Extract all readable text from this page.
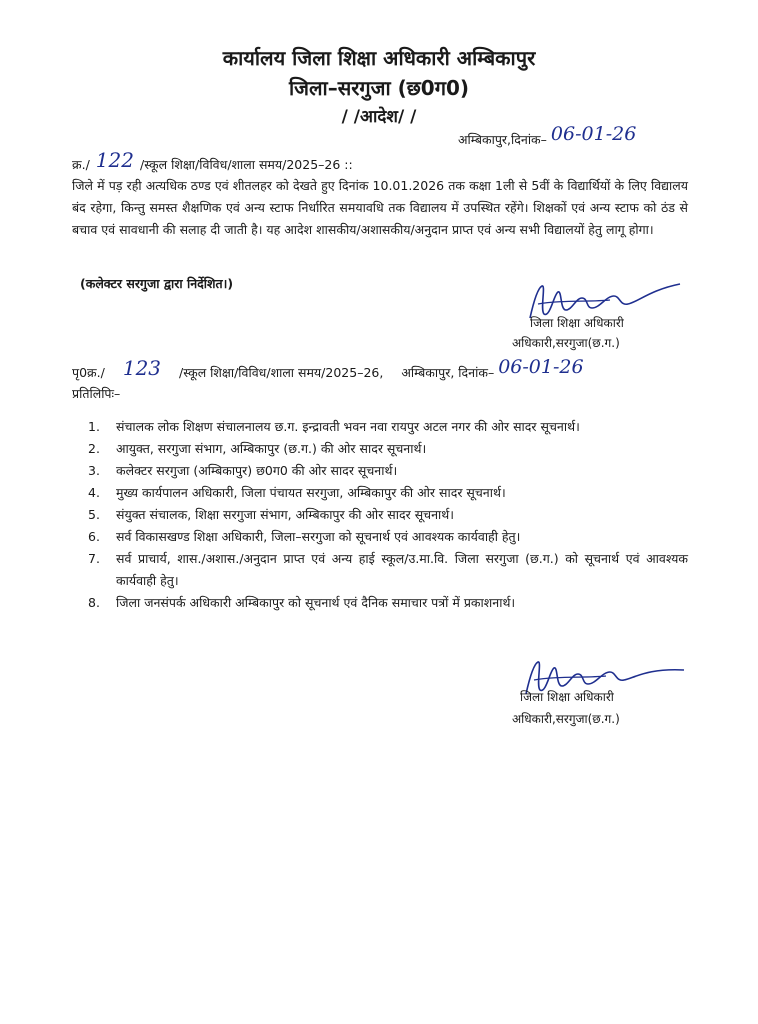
कार्यालय जिला शिक्षा अधिकारी अम्बिकापुर
जिला–सरगुजा (छ0ग0)
/ /आदेश/ /
अम्बिकापुर,दिनांक– 06-01-26
क्र./ 122 /स्कूल शिक्षा/विविध/शाला समय/2025–26 ::
जिले में पड़ रही अत्यधिक ठण्ड एवं शीतलहर को देखते हुए दिनांक 10.01.2026 तक कक्षा 1ली से 5वीं के विद्यार्थियों के लिए विद्यालय बंद रहेगा, किन्तु समस्त शैक्षणिक एवं अन्य स्टाफ निर्धारित समयावधि तक विद्यालय में उपस्थित रहेंगे। शिक्षकों एवं अन्य स्टाफ को ठंड से बचाव एवं सावधानी की सलाह दी जाती है। यह आदेश शासकीय/अशासकीय/अनुदान प्राप्त एवं अन्य सभी विद्यालयों हेतु लागू होगा।
(कलेक्टर सरगुजा द्वारा निर्देशित।)
जिला शिक्षा अधिकारी
अधिकारी,सरगुजा(छ.ग.)
पृ0क्र./ 123 /स्कूल शिक्षा/विविध/शाला समय/2025–26, अम्बिकापुर, दिनांक– 06-01-26
प्रतिलिपिः–
1. संचालक लोक शिक्षण संचालनालय छ.ग. इन्द्रावती भवन नवा रायपुर अटल नगर की ओर सादर सूचनार्थ।
2. आयुक्त, सरगुजा संभाग, अम्बिकापुर (छ.ग.) की ओर सादर सूचनार्थ।
3. कलेक्टर सरगुजा (अम्बिकापुर) छ0ग0 की ओर सादर सूचनार्थ।
4. मुख्य कार्यपालन अधिकारी, जिला पंचायत सरगुजा, अम्बिकापुर की ओर सादर सूचनार्थ।
5. संयुक्त संचालक, शिक्षा सरगुजा संभाग, अम्बिकापुर की ओर सादर सूचनार्थ।
6. सर्व विकासखण्ड शिक्षा अधिकारी, जिला–सरगुजा को सूचनार्थ एवं आवश्यक कार्यवाही हेतु।
7. सर्व प्राचार्य, शास./अशास./अनुदान प्राप्त एवं अन्य हाई स्कूल/उ.मा.वि. जिला सरगुजा (छ.ग.) को सूचनार्थ एवं आवश्यक कार्यवाही हेतु।
8. जिला जनसंपर्क अधिकारी अम्बिकापुर को सूचनार्थ एवं दैनिक समाचार पत्रों में प्रकाशनार्थ।
जिला शिक्षा अधिकारी
अधिकारी,सरगुजा(छ.ग.)
